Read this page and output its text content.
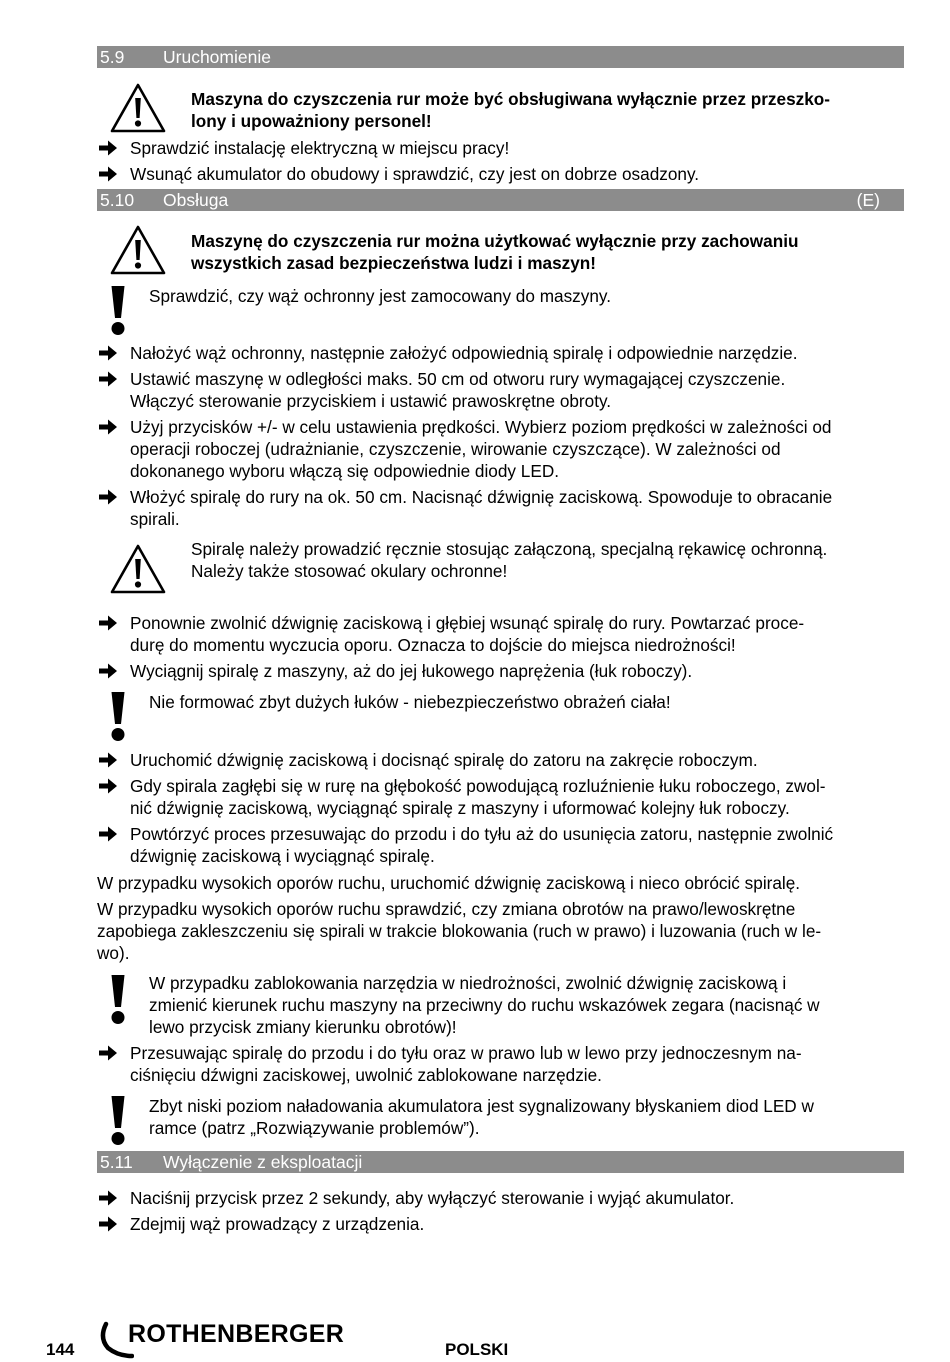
5.9 Uruchomienie
Maszyna do czyszczenia rur może być obsługiwana wyłącznie przez przeszko-
lony i upoważniony personel!
Sprawdzić instalację elektryczną w miejscu pracy!
Wsunąć akumulator do obudowy i sprawdzić, czy jest on dobrze osadzony.
5.10 Obsługa	(E)
Maszynę do czyszczenia rur można użytkować wyłącznie przy zachowaniu
wszystkich zasad bezpieczeństwa ludzi i maszyn!
Sprawdzić, czy wąż ochronny jest zamocowany do maszyny.
Nałożyć wąż ochronny, następnie założyć odpowiednią spiralę i odpowiednie narzędzie.
Ustawić maszynę w odległości maks. 50 cm od otworu rury wymagającej czyszczenie.
Włączyć sterowanie przyciskiem i ustawić prawoskrętne obroty.
Użyj przycisków +/- w celu ustawienia prędkości. Wybierz poziom prędkości w zależności od
operacji roboczej (udrażnianie, czyszczenie, wirowanie czyszczące). W zależności od
dokonanego wyboru włączą się odpowiednie diody LED.
Włożyć spiralę do rury na ok. 50 cm. Nacisnąć dźwignię zaciskową. Spowoduje to obracanie
spirali.
Spiralę należy prowadzić ręcznie stosując załączoną, specjalną rękawicę ochronną.
Należy także stosować okulary ochronne!
Ponownie zwolnić dźwignię zaciskową i głębiej wsunąć spiralę do rury. Powtarzać proce-
durę do momentu wyczucia oporu. Oznacza to dojście do miejsca niedrożności!
Wyciągnij spiralę z maszyny, aż do jej łukowego naprężenia (łuk roboczy).
Nie formować zbyt dużych łuków - niebezpieczeństwo obrażeń ciała!
Uruchomić dźwignię zaciskową i docisnąć spiralę do zatoru na zakręcie roboczym.
Gdy spirala zagłębi się w rurę na głębokość powodującą rozluźnienie łuku roboczego, zwol-
nić dźwignię zaciskową, wyciągnąć spiralę z maszyny i uformować kolejny łuk roboczy.
Powtórzyć proces przesuwając do przodu i do tyłu aż do usunięcia zatoru, następnie zwolnić
dźwignię zaciskową i wyciągnąć spiralę.
W przypadku wysokich oporów ruchu, uruchomić dźwignię zaciskową i nieco obrócić spiralę.
W przypadku wysokich oporów ruchu sprawdzić, czy zmiana obrotów na prawo/lewoskrętne
zapobiega zakleszczeniu się spirali w trakcie blokowania (ruch w prawo) i luzowania (ruch w le-
wo).
W przypadku zablokowania narzędzia w niedrożności, zwolnić dźwignię zaciskową i
zmienić kierunek ruchu maszyny na przeciwny do ruchu wskazówek zegara (nacisnąć w
lewo przycisk zmiany kierunku obrotów)!
Przesuwając spiralę do przodu i do tyłu oraz w prawo lub w lewo przy jednoczesnym na-
ciśnięciu dźwigni zaciskowej, uwolnić zablokowane narzędzie.
Zbyt niski poziom naładowania akumulatora jest sygnalizowany błyskaniem diod LED w
ramce (patrz „Rozwiązywanie problemów”).
5.11 Wyłączenie z eksploatacji
Naciśnij przycisk przez 2 sekundy, aby wyłączyć sterowanie i wyjąć akumulator.
Zdejmij wąż prowadzący z urządzenia.
144
ROTHENBERGER
POLSKI
